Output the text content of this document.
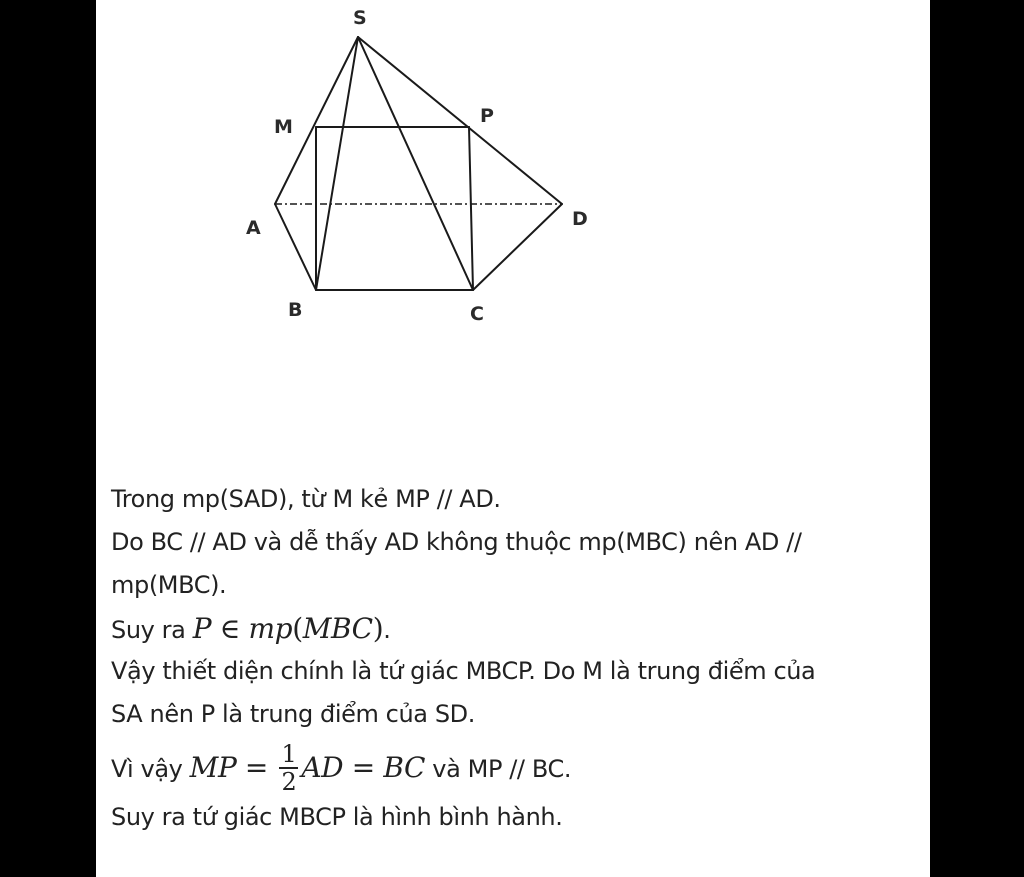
S
M	P
A	D
B	C
Trong mp(SAD), từ M kẻ MP // AD.
Do BC // AD và dễ thấy AD không thuộc mp(MBC) nên AD //
mp(MBC).
Suy ra P ∈ mp(MBC).
Vậy thiết diện chính là tứ giác MBCP. Do M là trung điểm của
SA nên P là trung điểm của SD.
Vì vậy MP = $\frac{1}{2}$ AD = BC và MP // BC.
Suy ra tứ giác MBCP là hình bình hành.
